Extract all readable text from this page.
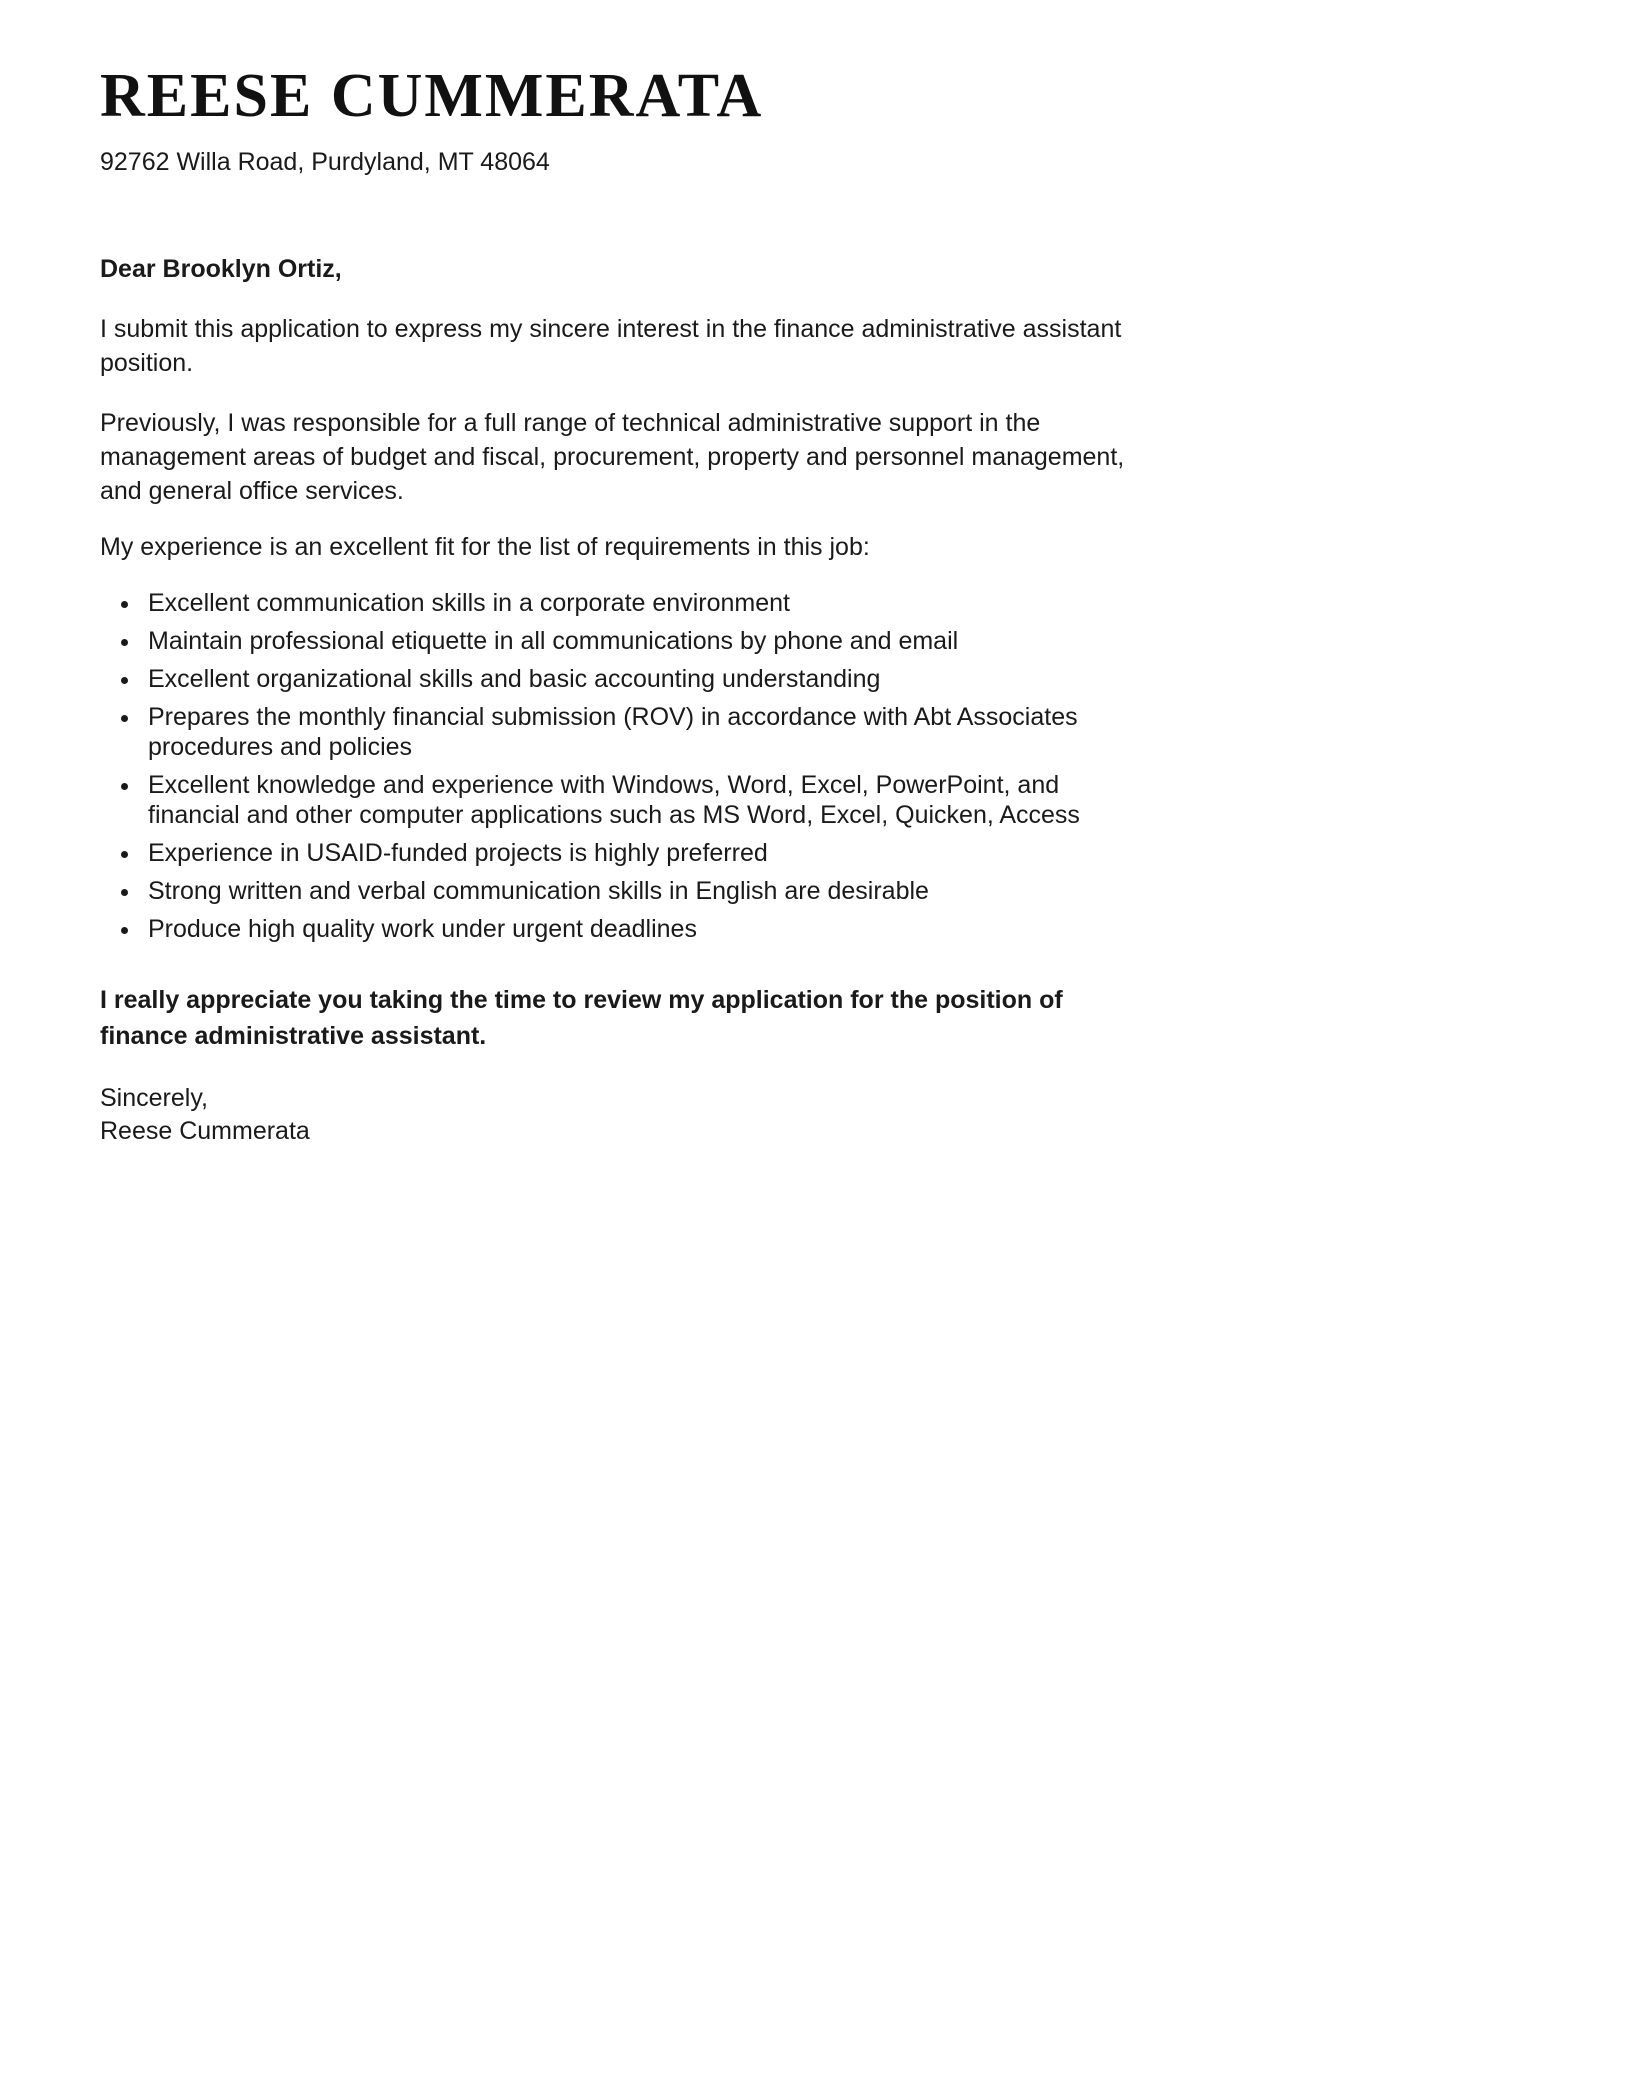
REESE CUMMERATA
92762 Willa Road, Purdyland, MT 48064
Dear Brooklyn Ortiz,

I submit this application to express my sincere interest in the finance administrative assistant position.

Previously, I was responsible for a full range of technical administrative support in the management areas of budget and fiscal, procurement, property and personnel management, and general office services.

My experience is an excellent fit for the list of requirements in this job:

• Excellent communication skills in a corporate environment
• Maintain professional etiquette in all communications by phone and email
• Excellent organizational skills and basic accounting understanding
• Prepares the monthly financial submission (ROV) in accordance with Abt Associates procedures and policies
• Excellent knowledge and experience with Windows, Word, Excel, PowerPoint, and financial and other computer applications such as MS Word, Excel, Quicken, Access
• Experience in USAID-funded projects is highly preferred
• Strong written and verbal communication skills in English are desirable
• Produce high quality work under urgent deadlines

I really appreciate you taking the time to review my application for the position of finance administrative assistant.

Sincerely,
Reese Cummerata
